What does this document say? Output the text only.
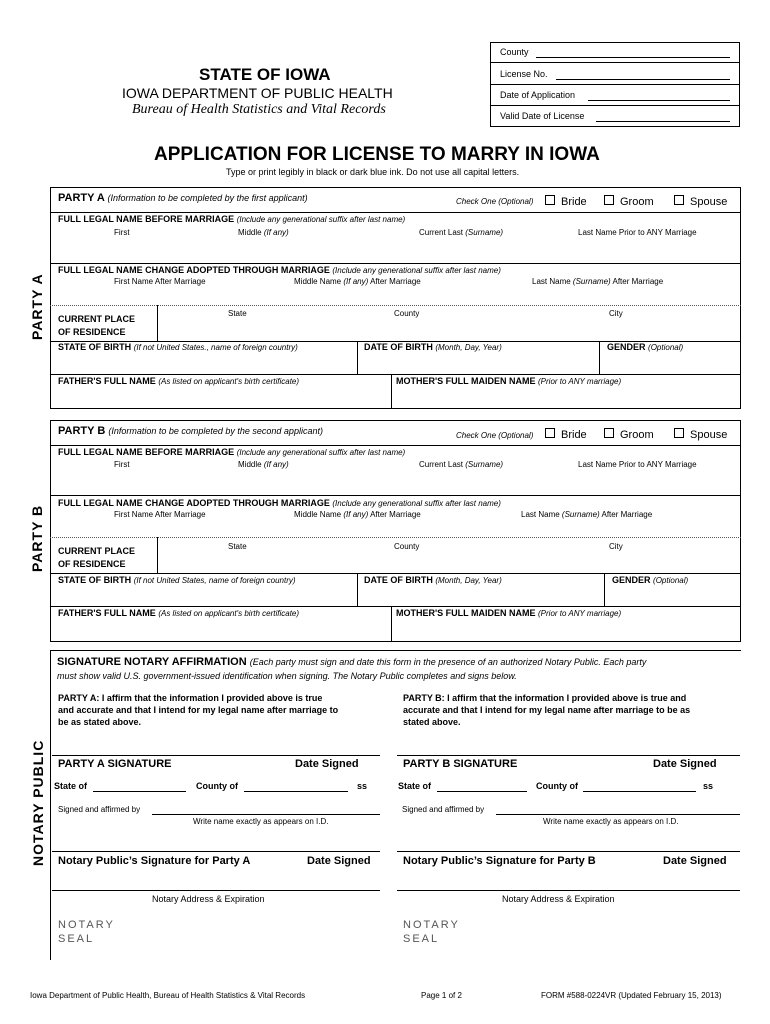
STATE OF IOWA
IOWA DEPARTMENT OF PUBLIC HEALTH
Bureau of Health Statistics and Vital Records
County
License No.
Date of Application
Valid Date of License
APPLICATION FOR LICENSE TO MARRY IN IOWA
Type or print legibly in black or dark blue ink. Do not use all capital letters.
PARTY A
PARTY A (Information to be completed by the first applicant)	Check One (Optional)	Bride	Groom	Spouse
FULL LEGAL NAME BEFORE MARRIAGE (Include any generational suffix after last name)
First	Middle (If any)	Current Last (Surname)	Last Name Prior to ANY Marriage
FULL LEGAL NAME CHANGE ADOPTED THROUGH MARRIAGE (Include any generational suffix after last name)
First Name After Marriage	Middle Name (If any) After Marriage	Last Name (Surname) After Marriage
CURRENT PLACE
OF RESIDENCE
State	County	City
STATE OF BIRTH (If not United States., name of foreign country)	DATE OF BIRTH (Month, Day, Year)	GENDER (Optional)
FATHER'S FULL NAME (As listed on applicant's birth certificate)	MOTHER'S FULL MAIDEN NAME (Prior to ANY marriage)
PARTY B
PARTY B (Information to be completed by the second applicant)	Check One (Optional)	Bride	Groom	Spouse
FULL LEGAL NAME BEFORE MARRIAGE (Include any generational suffix after last name)
First	Middle (If any)	Current Last (Surname)	Last Name Prior to ANY Marriage
FULL LEGAL NAME CHANGE ADOPTED THROUGH MARRIAGE (Include any generational suffix after last name)
First Name After Marriage	Middle Name (If any) After Marriage	Last Name (Surname) After Marriage
CURRENT PLACE
OF RESIDENCE
State	County	City
STATE OF BIRTH (If not United States, name of foreign country)	DATE OF BIRTH (Month, Day, Year)	GENDER (Optional)
FATHER'S FULL NAME (As listed on applicant's birth certificate)	MOTHER'S FULL MAIDEN NAME (Prior to ANY marriage)
NOTARY PUBLIC
SIGNATURE NOTARY AFFIRMATION (Each party must sign and date this form in the presence of an authorized Notary Public. Each party
must show valid U.S. government-issued identification when signing. The Notary Public completes and signs below.
PARTY A: I affirm that the information I provided above is true
and accurate and that I intend for my legal name after marriage to
be as stated above.
PARTY B: I affirm that the information I provided above is true and
accurate and that I intend for my legal name after marriage to be as
stated above.
PARTY A SIGNATURE	Date Signed	PARTY B SIGNATURE	Date Signed
State of	County of	ss	State of	County of	ss
Signed and affirmed by
Write name exactly as appears on I.D.
Signed and affirmed by
Write name exactly as appears on I.D.
Notary Public’s Signature for Party A	Date Signed	Notary Public’s Signature for Party B	Date Signed
Notary Address & Expiration	Notary Address & Expiration
NOTARY
SEAL
NOTARY
SEAL
Iowa Department of Public Health, Bureau of Health Statistics & Vital Records	Page 1 of 2	FORM #588-0224VR (Updated February 15, 2013)
